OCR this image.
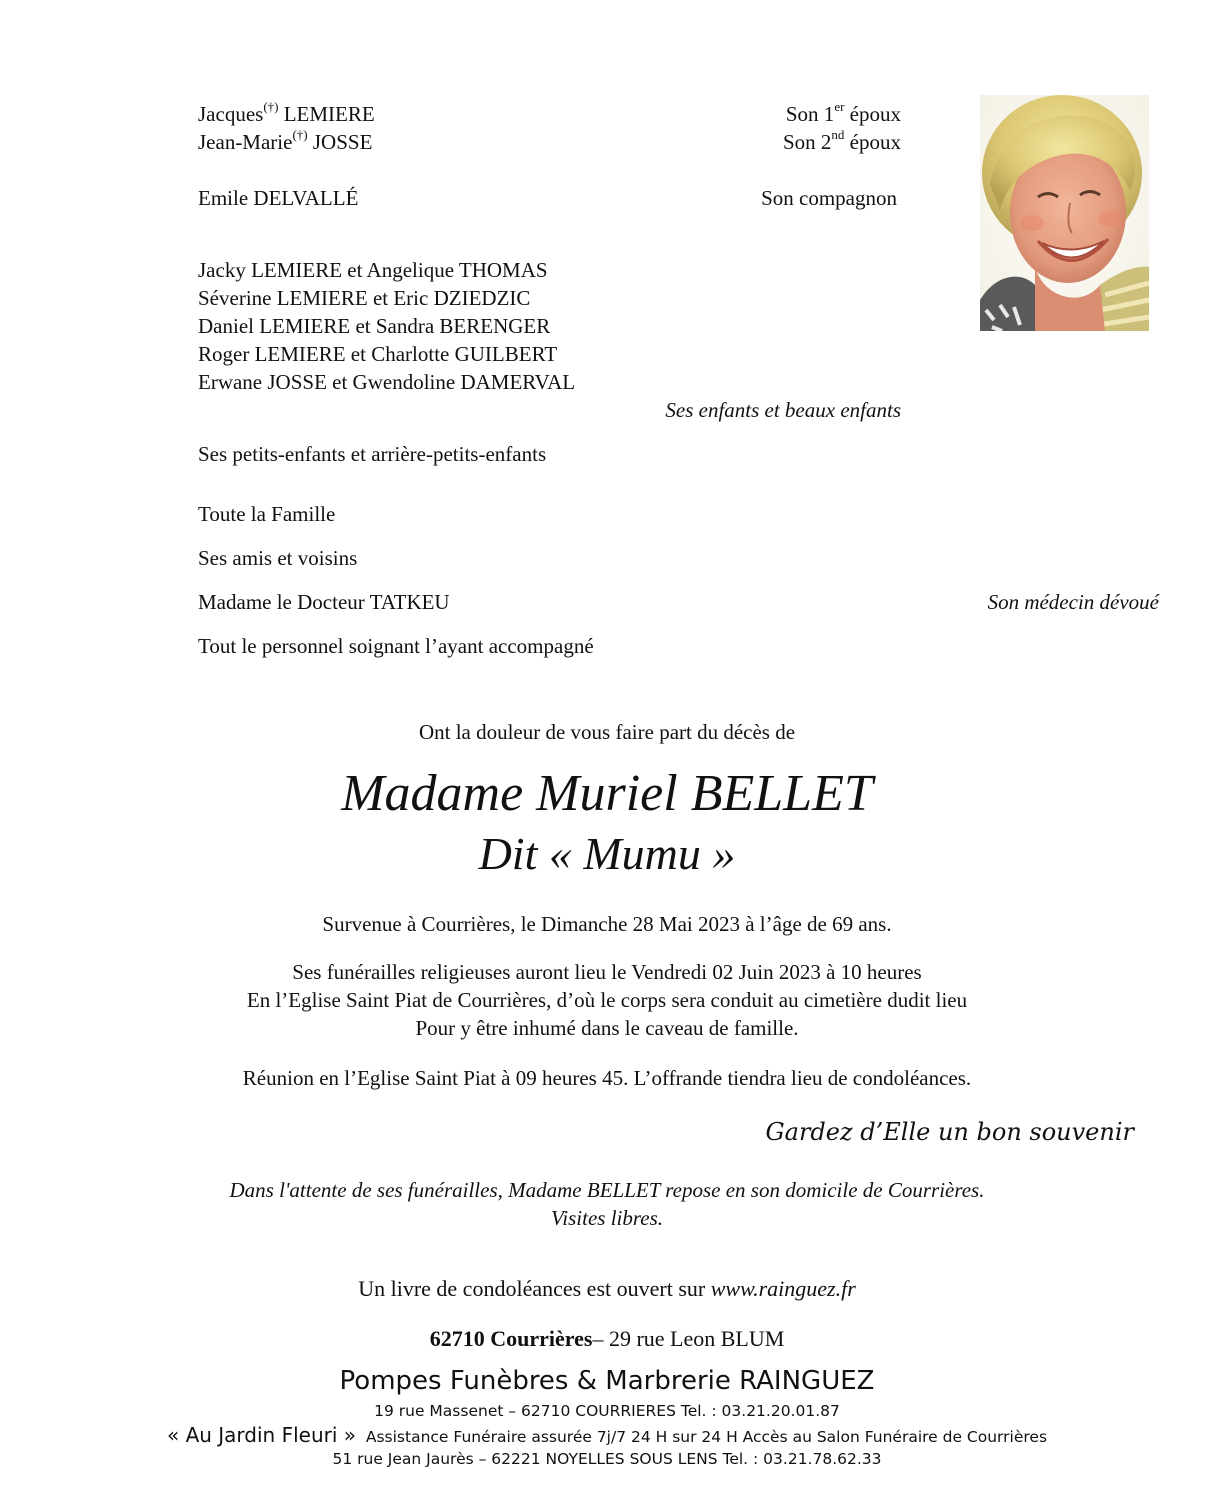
Jacques(†) LEMIERE	Son 1er époux
Jean-Marie(†) JOSSE	Son 2nd époux
Emile DELVALLÉ	Son compagnon
Jacky LEMIERE et Angelique THOMAS
Séverine LEMIERE et Eric DZIEDZIC
Daniel LEMIERE et Sandra BERENGER
Roger LEMIERE et Charlotte GUILBERT
Erwane JOSSE et Gwendoline DAMERVAL
Ses enfants et beaux enfants
Ses petits-enfants et arrière-petits-enfants
Toute la Famille
Ses amis et voisins
Madame le Docteur TATKEU	Son médecin dévoué
Tout le personnel soignant l’ayant accompagné
Ont la douleur de vous faire part du décès de
Madame Muriel BELLET
Dit « Mumu »
Survenue à Courrières, le Dimanche 28 Mai 2023 à l’âge de 69 ans.
Ses funérailles religieuses auront lieu le Vendredi 02 Juin 2023 à 10 heures
En l’Eglise Saint Piat de Courrières, d’où le corps sera conduit au cimetière dudit lieu
Pour y être inhumé dans le caveau de famille.
Réunion en l’Eglise Saint Piat à 09 heures 45. L’offrande tiendra lieu de condoléances.
Gardez d’Elle un bon souvenir
Dans l'attente de ses funérailles, Madame BELLET repose en son domicile de Courrières.
Visites libres.
Un livre de condoléances est ouvert sur www.rainguez.fr
62710 Courrières– 29 rue Leon BLUM
Pompes Funèbres & Marbrerie RAINGUEZ
19 rue Massenet – 62710 COURRIERES Tel. : 03.21.20.01.87
« Au Jardin Fleuri » Assistance Funéraire assurée 7j/7 24 H sur 24 H Accès au Salon Funéraire de Courrières
51 rue Jean Jaurès – 62221 NOYELLES SOUS LENS Tel. : 03.21.78.62.33
